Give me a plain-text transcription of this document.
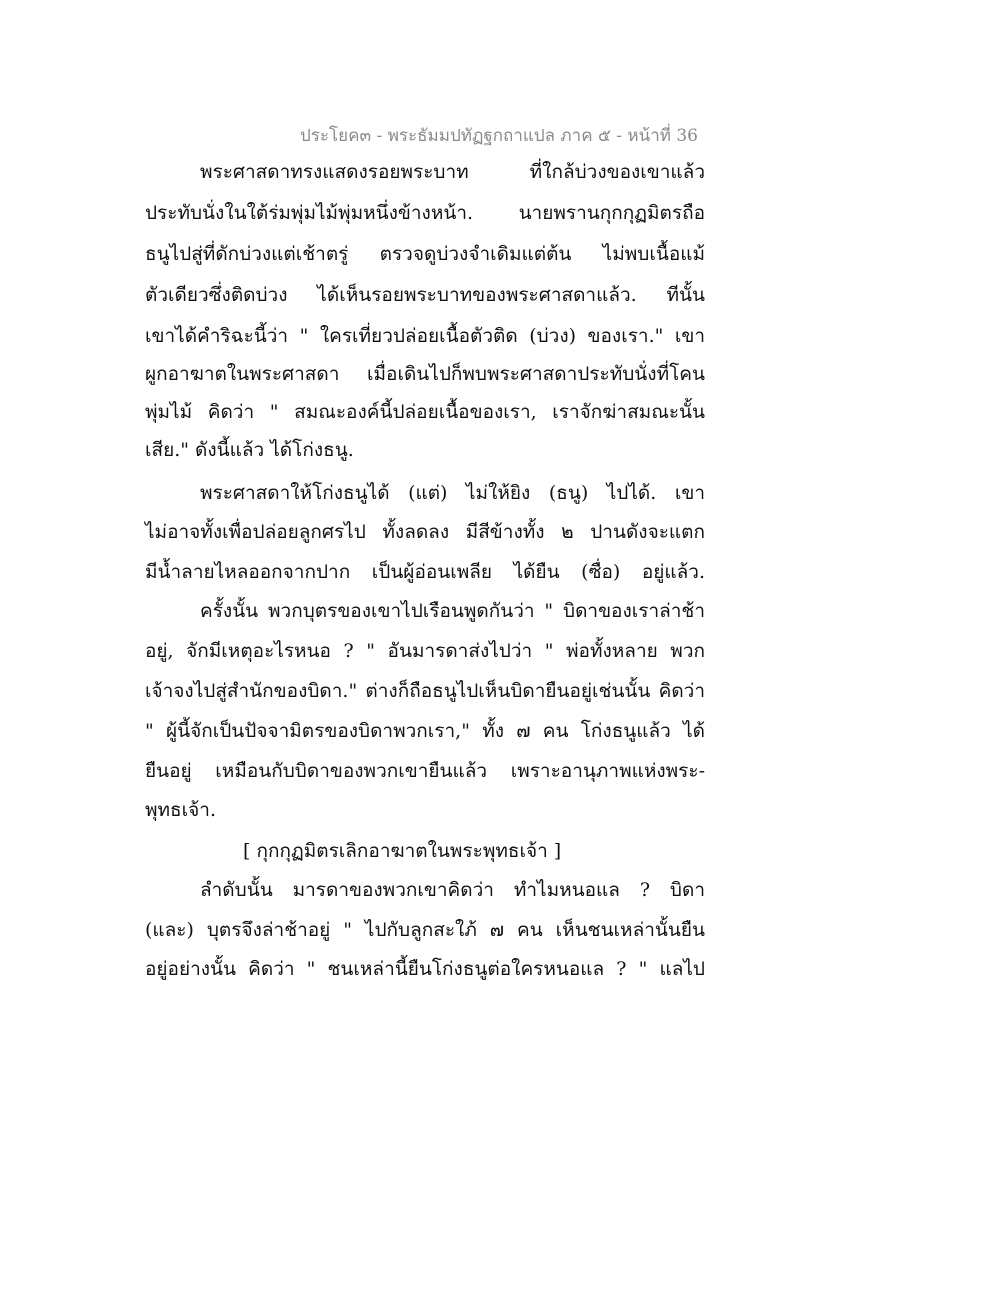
ประโยค๓ - พระธัมมปทัฏฐกถาแปล ภาค ๕ - หน้าที่ 36
พระศาสดาทรงแสดงรอยพระบาท ที่ใกล้บ่วงของเขาแล้ว
ประทับนั่งในใต้ร่มพุ่มไม้พุ่มหนึ่งข้างหน้า. นายพรานกุกกุฏมิตรถือ
ธนูไปสู่ที่ดักบ่วงแต่เช้าตรู่ ตรวจดูบ่วงจำเดิมแต่ต้น ไม่พบเนื้อแม้
ตัวเดียวซึ่งติดบ่วง ได้เห็นรอยพระบาทของพระศาสดาแล้ว. ทีนั้น
เขาได้คำริฉะนี้ว่า " ใครเที่ยวปล่อยเนื้อตัวติด (บ่วง) ของเรา." เขา
ผูกอาฆาตในพระศาสดา เมื่อเดินไปก็พบพระศาสดาประทับนั่งที่โคน
พุ่มไม้ คิดว่า " สมณะองค์นี้ปล่อยเนื้อของเรา, เราจักฆ่าสมณะนั้น
เสีย." ดังนี้แล้ว ได้โก่งธนู.
พระศาสดาให้โก่งธนูได้ (แต่) ไม่ให้ยิง (ธนู) ไปได้. เขา
ไม่อาจทั้งเพื่อปล่อยลูกศรไป ทั้งลดลง มีสีข้างทั้ง ๒ ปานดังจะแตก
มีน้ำลายไหลออกจากปาก เป็นผู้อ่อนเพลีย ได้ยืน (ซื่อ) อยู่แล้ว.
ครั้งนั้น พวกบุตรของเขาไปเรือนพูดกันว่า " บิดาของเราล่าช้า
อยู่, จักมีเหตุอะไรหนอ ? " อันมารดาส่งไปว่า " พ่อทั้งหลาย พวก
เจ้าจงไปสู่สำนักของบิดา." ต่างก็ถือธนูไปเห็นบิดายืนอยู่เช่นนั้น คิดว่า
" ผู้นี้จักเป็นปัจจามิตรของบิดาพวกเรา," ทั้ง ๗ คน โก่งธนูแล้ว ได้
ยืนอยู่ เหมือนกับบิดาของพวกเขายืนแล้ว เพราะอานุภาพแห่งพระ-
พุทธเจ้า.
[ กุกกุฏมิตรเลิกอาฆาตในพระพุทธเจ้า ]
ลำดับนั้น มารดาของพวกเขาคิดว่า ทำไมหนอแล ? บิดา
(และ) บุตรจึงล่าช้าอยู่ " ไปกับลูกสะใภ้ ๗ คน เห็นชนเหล่านั้นยืน
อยู่อย่างนั้น คิดว่า " ชนเหล่านี้ยืนโก่งธนูต่อใครหนอแล ? " แลไป
